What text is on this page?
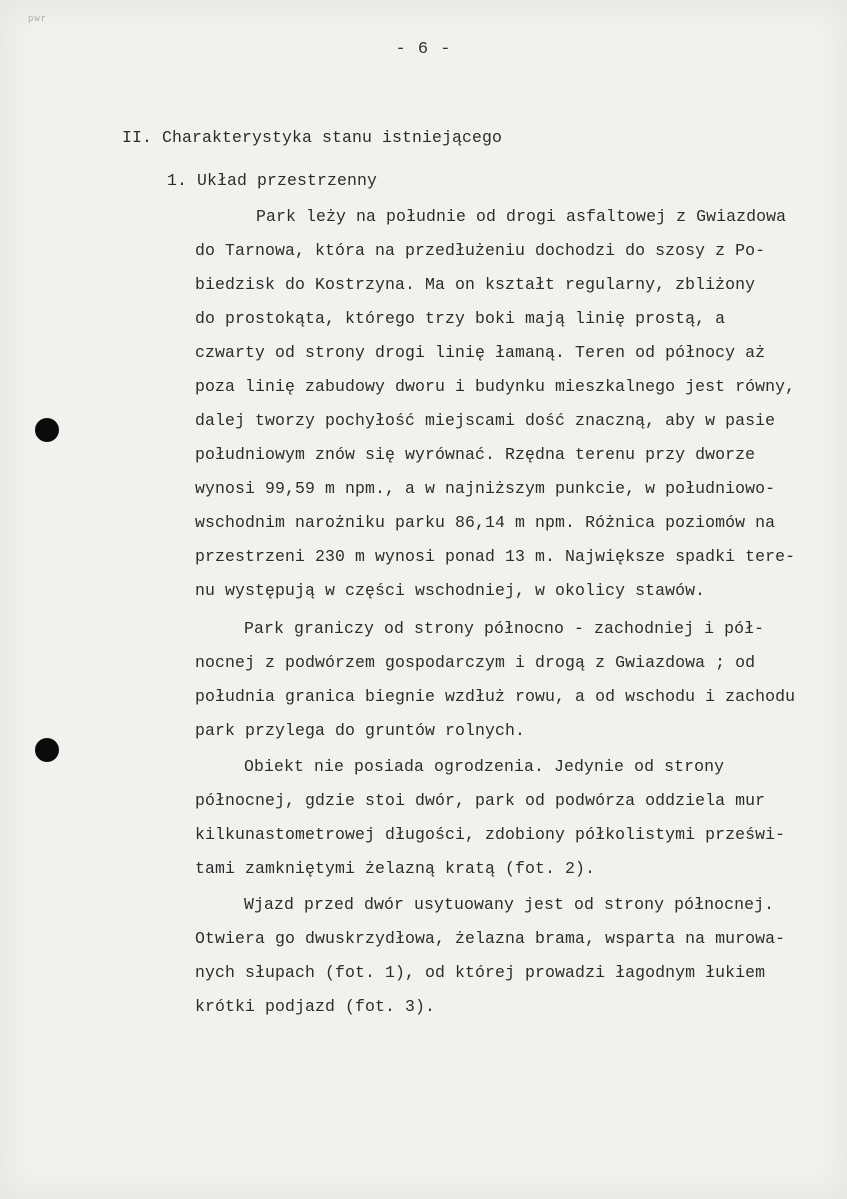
pwr
- 6 -
II. Charakterystyka stanu istniejącego
1. Układ przestrzenny
Park leży na południe od drogi asfaltowej z Gwiazdowa
do Tarnowa, która na przedłużeniu dochodzi do szosy z Po-
biedzisk do Kostrzyna. Ma on kształt regularny, zbliżony
do prostokąta, którego trzy boki mają linię prostą, a
czwarty od strony drogi linię łamaną. Teren od północy aż
poza linię zabudowy dworu i budynku mieszkalnego jest równy,
dalej tworzy pochyłość miejscami dość znaczną, aby w pasie
południowym znów się wyrównać. Rzędna terenu przy dworze
wynosi 99,59 m npm., a w najniższym punkcie, w południowo-
wschodnim narożniku parku 86,14 m npm. Różnica poziomów na
przestrzeni 230 m wynosi ponad 13 m. Największe spadki tere-
nu występują w części wschodniej, w okolicy stawów.
Park graniczy od strony północno - zachodniej i pół-
nocnej z podwórzem gospodarczym i drogą z Gwiazdowa ; od
południa granica biegnie wzdłuż rowu, a od wschodu i zachodu
park przylega do gruntów rolnych.
Obiekt nie posiada ogrodzenia. Jedynie od strony
północnej, gdzie stoi dwór, park od podwórza oddziela mur
kilkunastometrowej długości, zdobiony półkolistymi prześwi-
tami zamkniętymi żelazną kratą (fot. 2).
Wjazd przed dwór usytuowany jest od strony północnej.
Otwiera go dwuskrzydłowa, żelazna brama, wsparta na murowa-
nych słupach (fot. 1), od której prowadzi łagodnym łukiem
krótki podjazd (fot. 3).
